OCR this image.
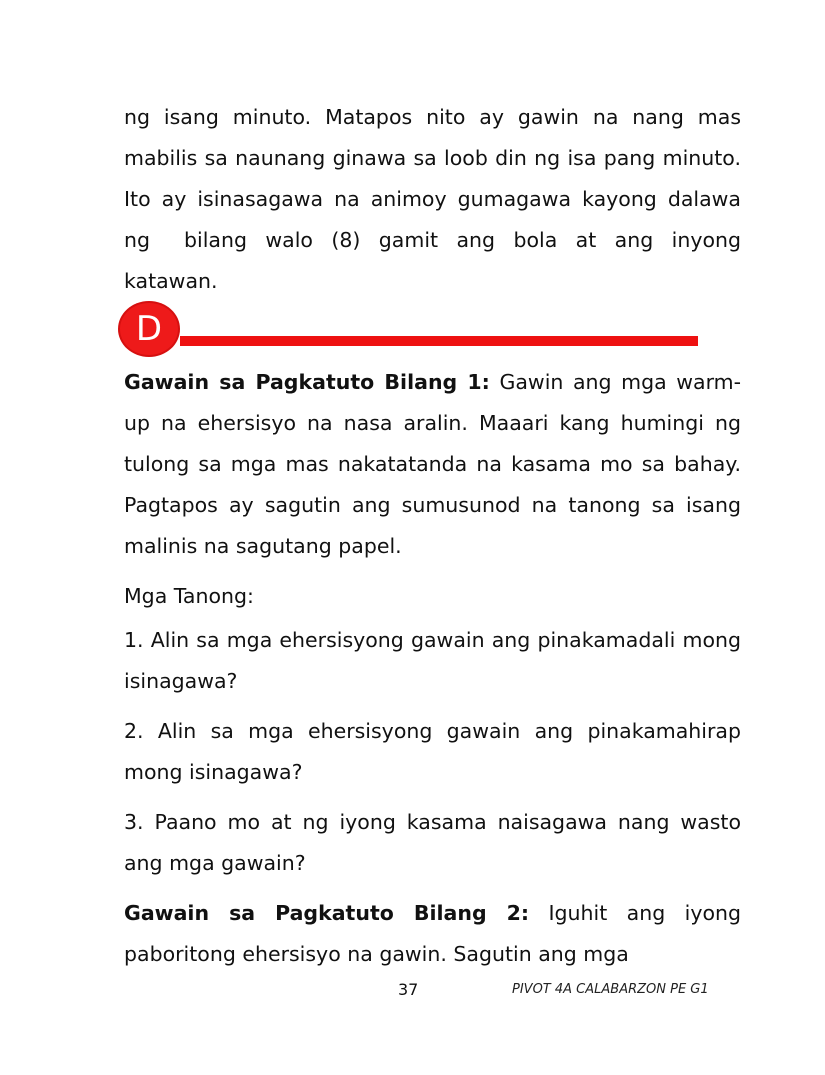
ng isang minuto. Matapos nito ay gawin na nang mas mabilis sa naunang ginawa sa loob din ng isa pang minuto. Ito ay isinasagawa na animoy gumagawa kayong dalawa ng bilang walo (8) gamit ang bola at ang inyong katawan.

D

Gawain sa Pagkatuto Bilang 1: Gawin ang mga warm-up na ehersisyo na nasa aralin. Maaari kang humingi ng tulong sa mga mas nakatatanda na kasama mo sa bahay. Pagtapos ay sagutin ang sumusunod na tanong sa isang malinis na sagutang papel.

Mga Tanong:

1. Alin sa mga ehersisyong gawain ang pinakamadali mong isinagawa?

2. Alin sa mga ehersisyong gawain ang pinakamahirap mong isinagawa?

3. Paano mo at ng iyong kasama naisagawa nang wasto ang mga gawain?

Gawain sa Pagkatuto Bilang 2: Iguhit ang iyong paboritong ehersisyo na gawin. Sagutin ang mga

37	PIVOT 4A CALABARZON PE G1
